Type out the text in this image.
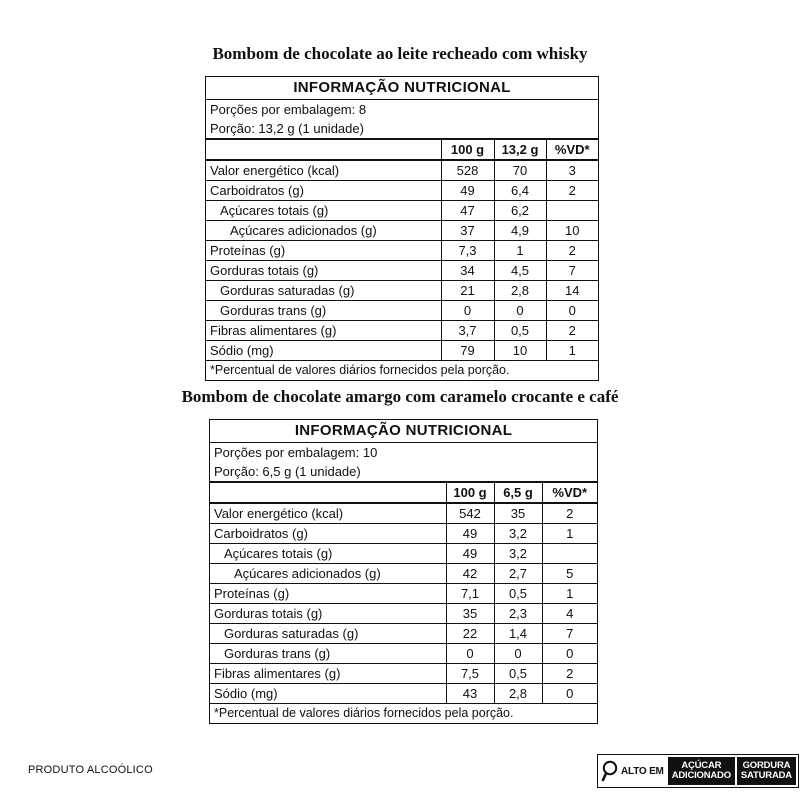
Bombom de chocolate ao leite recheado com whisky
INFORMAÇÃO NUTRICIONAL			
Porções por embalagem: 8			
Porção: 13,2 g (1 unidade)			
	100 g	13,2 g	%VD*
Valor energético (kcal)	528	70	3
Carboidratos (g)	49	6,4	2
Açúcares totais (g)	47	6,2	
Açúcares adicionados (g)	37	4,9	10
Proteínas (g)	7,3	1	2
Gorduras totais (g)	34	4,5	7
Gorduras saturadas (g)	21	2,8	14
Gorduras trans (g)	0	0	0
Fibras alimentares (g)	3,7	0,5	2
Sódio (mg)	79	10	1
*Percentual de valores diários fornecidos pela porção.			
Bombom de chocolate amargo com caramelo crocante e café
INFORMAÇÃO NUTRICIONAL			
Porções por embalagem: 10			
Porção: 6,5 g (1 unidade)			
	100 g	6,5 g	%VD*
Valor energético (kcal)	542	35	2
Carboidratos (g)	49	3,2	1
Açúcares totais (g)	49	3,2	
Açúcares adicionados (g)	42	2,7	5
Proteínas (g)	7,1	0,5	1
Gorduras totais (g)	35	2,3	4
Gorduras saturadas (g)	22	1,4	7
Gorduras trans (g)	0	0	0
Fibras alimentares (g)	7,5	0,5	2
Sódio (mg)	43	2,8	0
*Percentual de valores diários fornecidos pela porção.			
PRODUTO ALCOÓLICO	ALTO EM AÇÚCAR
ADICIONADO
GORDURA
SATURADA
